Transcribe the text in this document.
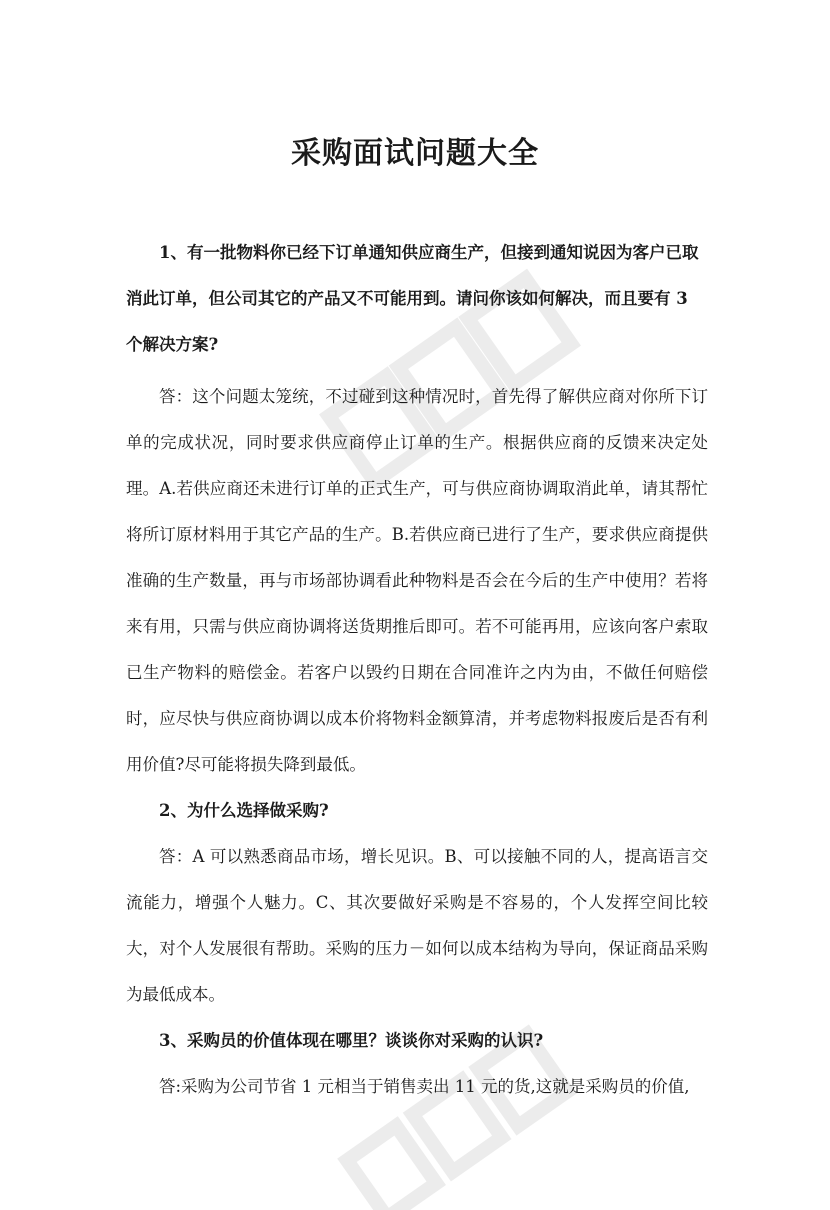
采购面试问题大全

1、有一批物料你已经下订单通知供应商生产，但接到通知说因为客户已取消此订单，但公司其它的产品又不可能用到。请问你该如何解决，而且要有 3 个解决方案?

答：这个问题太笼统，不过碰到这种情况时，首先得了解供应商对你所下订单的完成状况，同时要求供应商停止订单的生产。根据供应商的反馈来决定处理。A.若供应商还未进行订单的正式生产，可与供应商协调取消此单，请其帮忙将所订原材料用于其它产品的生产。B.若供应商已进行了生产，要求供应商提供准确的生产数量，再与市场部协调看此种物料是否会在今后的生产中使用？若将来有用，只需与供应商协调将送货期推后即可。若不可能再用，应该向客户索取已生产物料的赔偿金。若客户以毁约日期在合同准许之内为由，不做任何赔偿时，应尽快与供应商协调以成本价将物料金额算清，并考虑物料报废后是否有利用价值?尽可能将损失降到最低。

2、为什么选择做采购?

答：A 可以熟悉商品市场，增长见识。B、可以接触不同的人，提高语言交流能力，增强个人魅力。C、其次要做好采购是不容易的，个人发挥空间比较大，对个人发展很有帮助。采购的压力－如何以成本结构为导向，保证商品采购为最低成本。

3、采购员的价值体现在哪里？谈谈你对采购的认识?

答:采购为公司节省 1 元相当于销售卖出 11 元的货,这就是采购员的价值,
